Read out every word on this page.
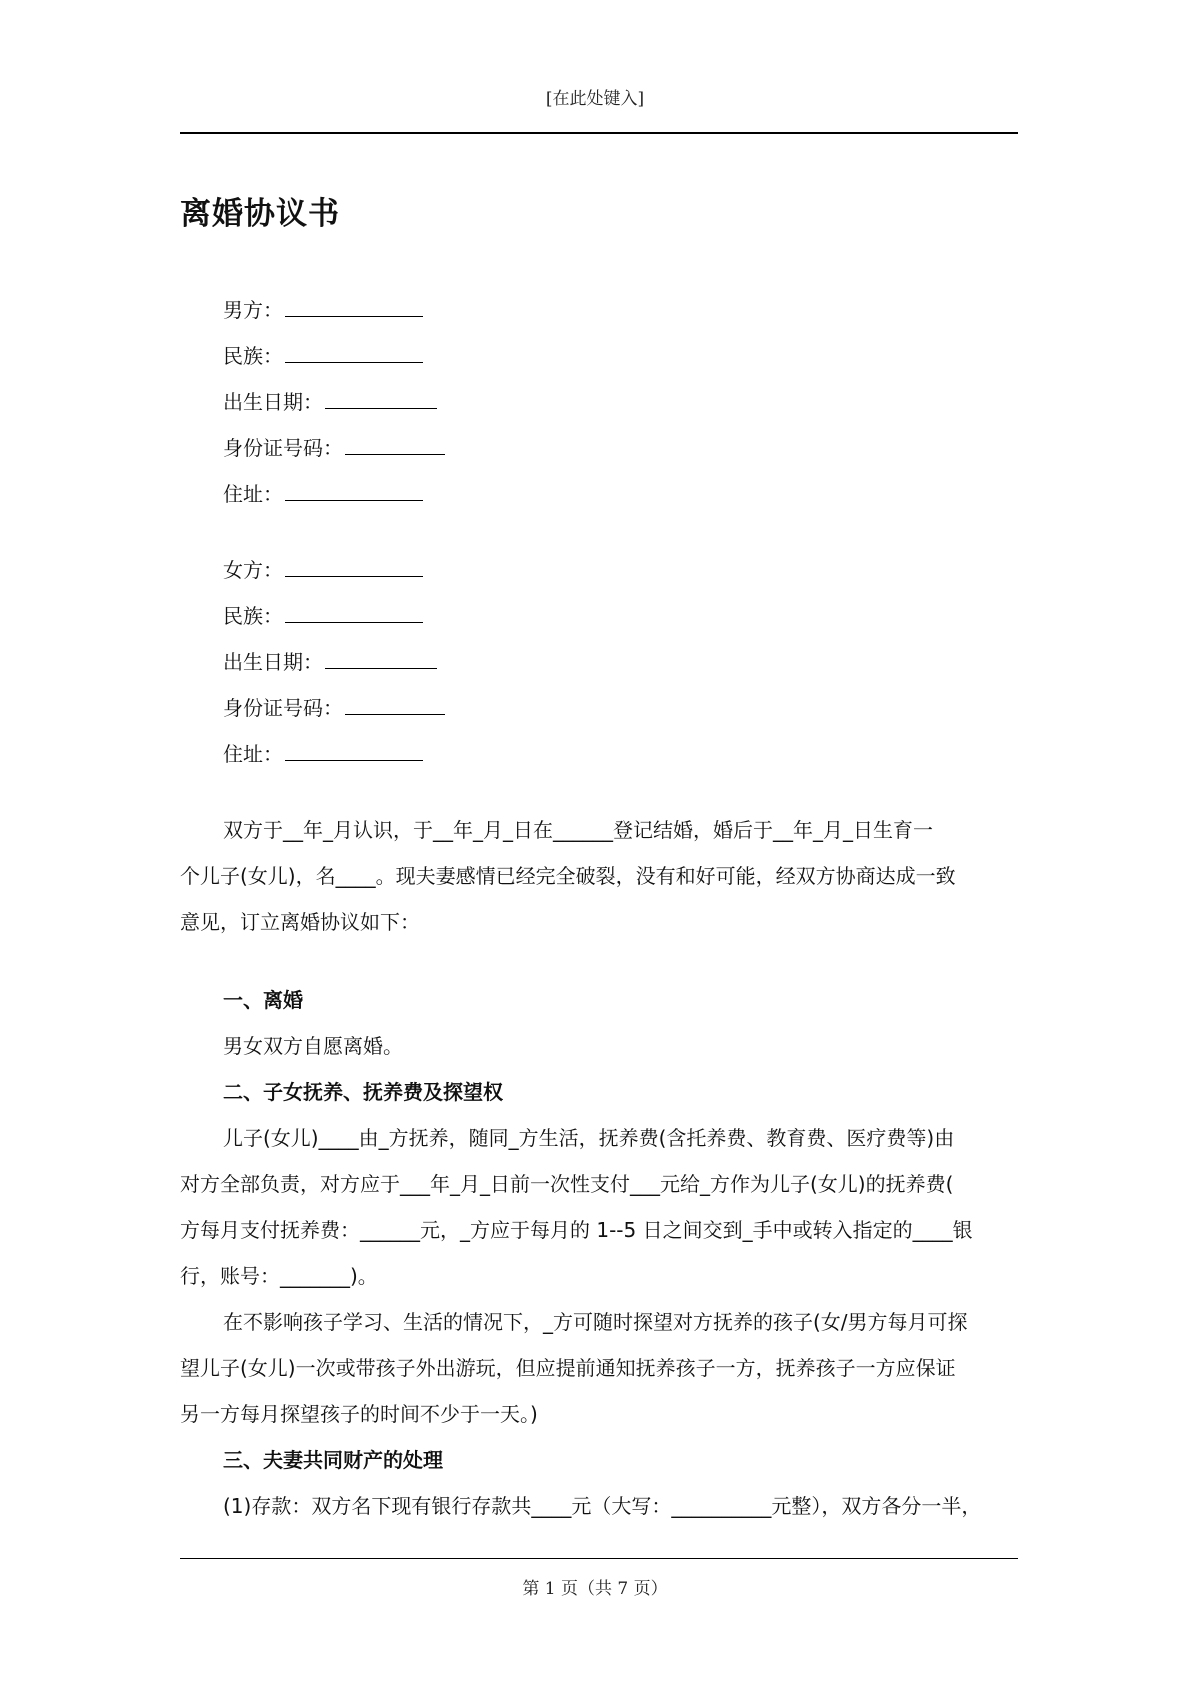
[在此处键入]
离婚协议书
男方：
民族：
出生日期：
身份证号码：
住址：
女方：
民族：
出生日期：
身份证号码：
住址：
双方于__年_月认识，于__年_月_日在______登记结婚，婚后于__年_月_日生育一
个儿子(女儿)，名____。现夫妻感情已经完全破裂，没有和好可能，经双方协商达成一致
意见，订立离婚协议如下：
一、离婚
男女双方自愿离婚。
二、子女抚养、抚养费及探望权
儿子(女儿)____由_方抚养，随同_方生活，抚养费(含托养费、教育费、医疗费等)由
对方全部负责，对方应于___年_月_日前一次性支付___元给_方作为儿子(女儿)的抚养费(
方每月支付抚养费：______元，_方应于每月的 1--5 日之间交到_手中或转入指定的____银
行，账号：_______)。
在不影响孩子学习、生活的情况下，_方可随时探望对方抚养的孩子(女/男方每月可探
望儿子(女儿)一次或带孩子外出游玩，但应提前通知抚养孩子一方，抚养孩子一方应保证
另一方每月探望孩子的时间不少于一天。)
三、夫妻共同财产的处理
(1)存款：双方名下现有银行存款共____元（大写：__________元整），双方各分一半，
第 1 页（共 7 页）
